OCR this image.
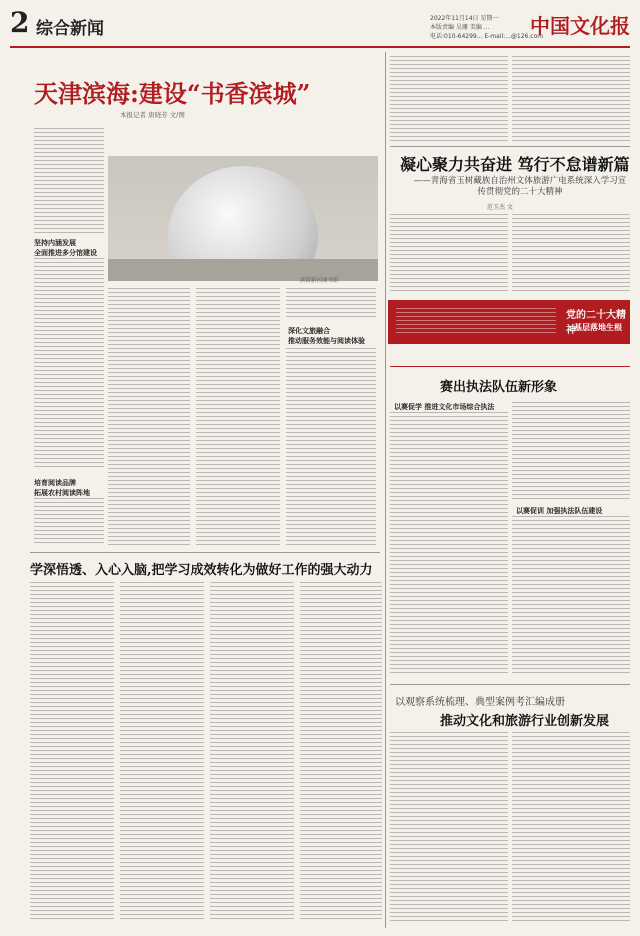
2 综合新闻
2022年11月14日 星期一
本版责编 吴珊 美编 ...
电话:010-64299... E-mail:...@126.com
中国文化报
天津滨海:建设“书香滨城”
本报记者 唐晓芳 文/图
坚持内涵发展
全面推进多分馆建设
培育阅读品牌
拓展农村阅读阵地
滨海新区图书馆
深化文旅融合
推动服务效能与阅读体验
学深悟透、入心入脑,把学习成效转化为做好工作的强大动力
凝心聚力共奋进 笃行不怠谱新篇
——青海省玉树藏族自治州文体旅游广电系统深入学习宣传贯彻党的二十大精神
范玉杰 文
党的二十大精神
基层落地生根
赛出执法队伍新形象
以赛促学 推进文化市场综合执法
以赛促训 加强执法队伍建设
以观察系统梳理、典型案例考汇编成册
推动文化和旅游行业创新发展
